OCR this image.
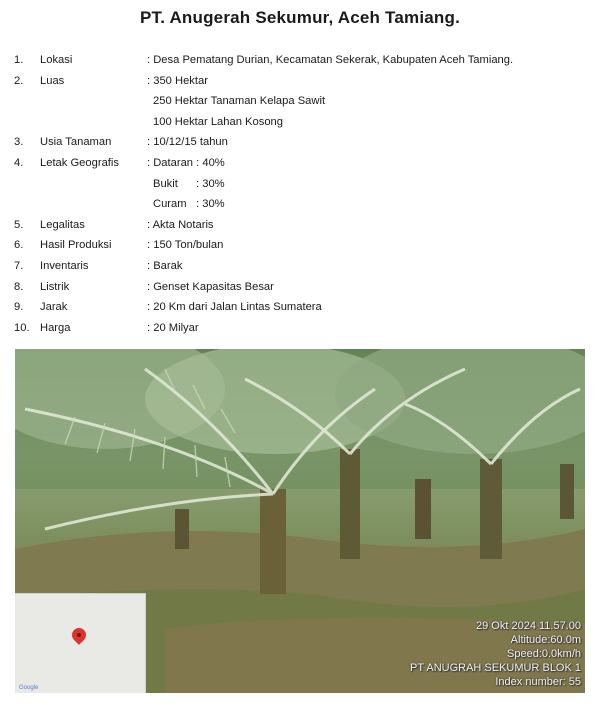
PT. Anugerah Sekumur, Aceh Tamiang.
1.	Lokasi	: Desa Pematang Durian, Kecamatan Sekerak, Kabupaten Aceh Tamiang.
2.	Luas	: 350 Hektar
250 Hektar Tanaman Kelapa Sawit
100 Hektar Lahan Kosong
3.	Usia Tanaman	: 10/12/15 tahun
4.	Letak Geografis	: Dataran : 40%
Bukit	: 30%
Curam : 30%
5.	Legalitas	: Akta Notaris
6.	Hasil Produksi	: 150 Ton/bulan
7.	Inventaris	: Barak
8.	Listrik	: Genset Kapasitas Besar
9.	Jarak	: 20 Km dari Jalan Lintas Sumatera
10. Harga	: 20 Milyar
Google
29 Okt 2024 11.57.00
Altitude:60.0m
Speed:0.0km/h
PT ANUGRAH SEKUMUR BLOK 1
Index number: 55
